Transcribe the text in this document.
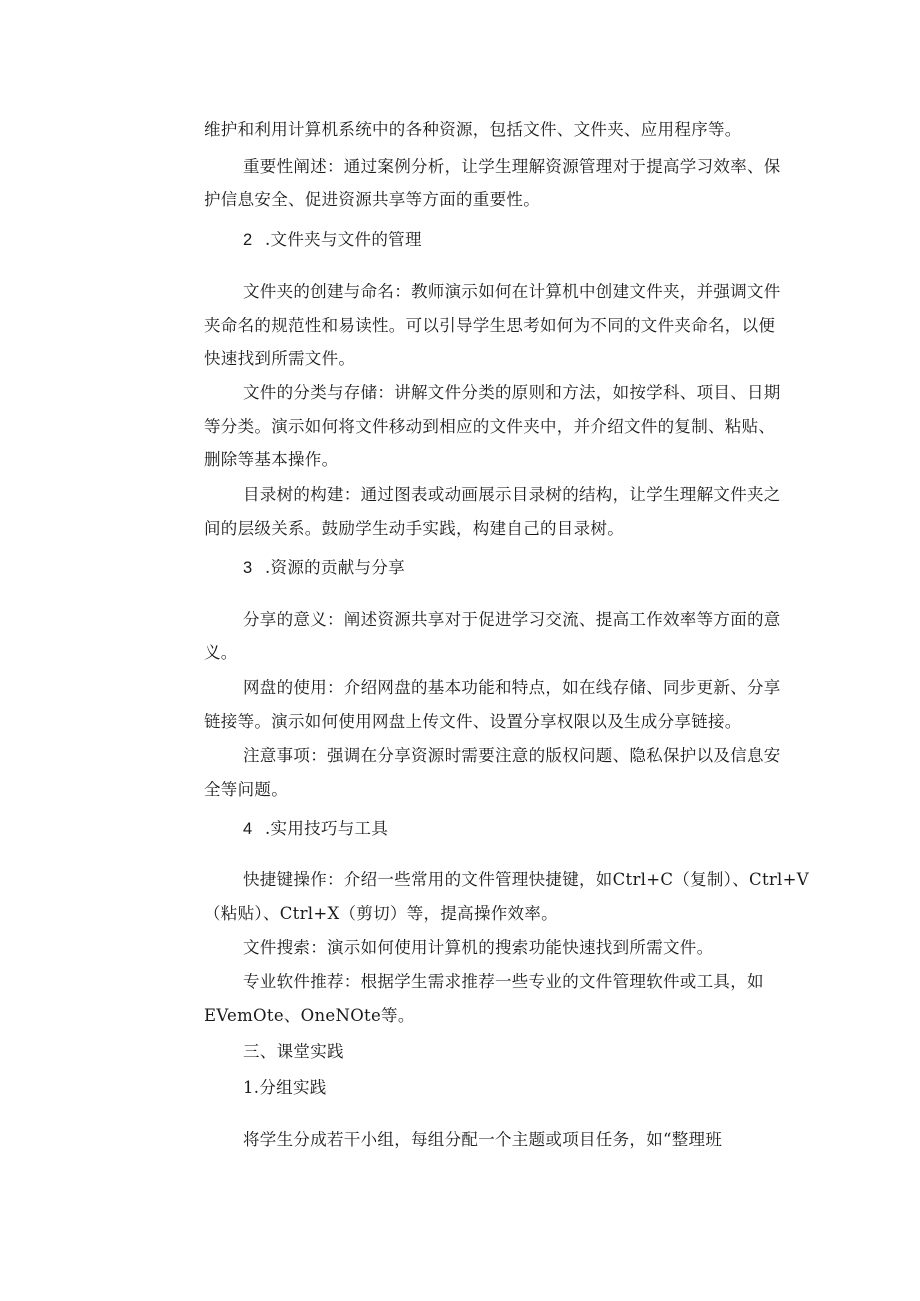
维护和利用计算机系统中的各种资源，包括文件、文件夹、应用程序等。
重要性阐述：通过案例分析，让学生理解资源管理对于提高学习效率、保
护信息安全、促进资源共享等方面的重要性。
2 .文件夹与文件的管理
文件夹的创建与命名：教师演示如何在计算机中创建文件夹，并强调文件
夹命名的规范性和易读性。可以引导学生思考如何为不同的文件夹命名，以便
快速找到所需文件。
文件的分类与存储：讲解文件分类的原则和方法，如按学科、项目、日期
等分类。演示如何将文件移动到相应的文件夹中，并介绍文件的复制、粘贴、
删除等基本操作。
目录树的构建：通过图表或动画展示目录树的结构，让学生理解文件夹之
间的层级关系。鼓励学生动手实践，构建自己的目录树。
3 .资源的贡献与分享
分享的意义：阐述资源共享对于促进学习交流、提高工作效率等方面的意
义。
网盘的使用：介绍网盘的基本功能和特点，如在线存储、同步更新、分享
链接等。演示如何使用网盘上传文件、设置分享权限以及生成分享链接。
注意事项：强调在分享资源时需要注意的版权问题、隐私保护以及信息安
全等问题。
4 .实用技巧与工具
快捷键操作：介绍一些常用的文件管理快捷键，如Ctrl+C（复制）、Ctrl+V
（粘贴）、Ctrl+X（剪切）等，提高操作效率。
文件搜索：演示如何使用计算机的搜索功能快速找到所需文件。
专业软件推荐：根据学生需求推荐一些专业的文件管理软件或工具，如
EVemOte、OneNOte等。
三、课堂实践
1.分组实践
将学生分成若干小组，每组分配一个主题或项目任务，如“整理班
